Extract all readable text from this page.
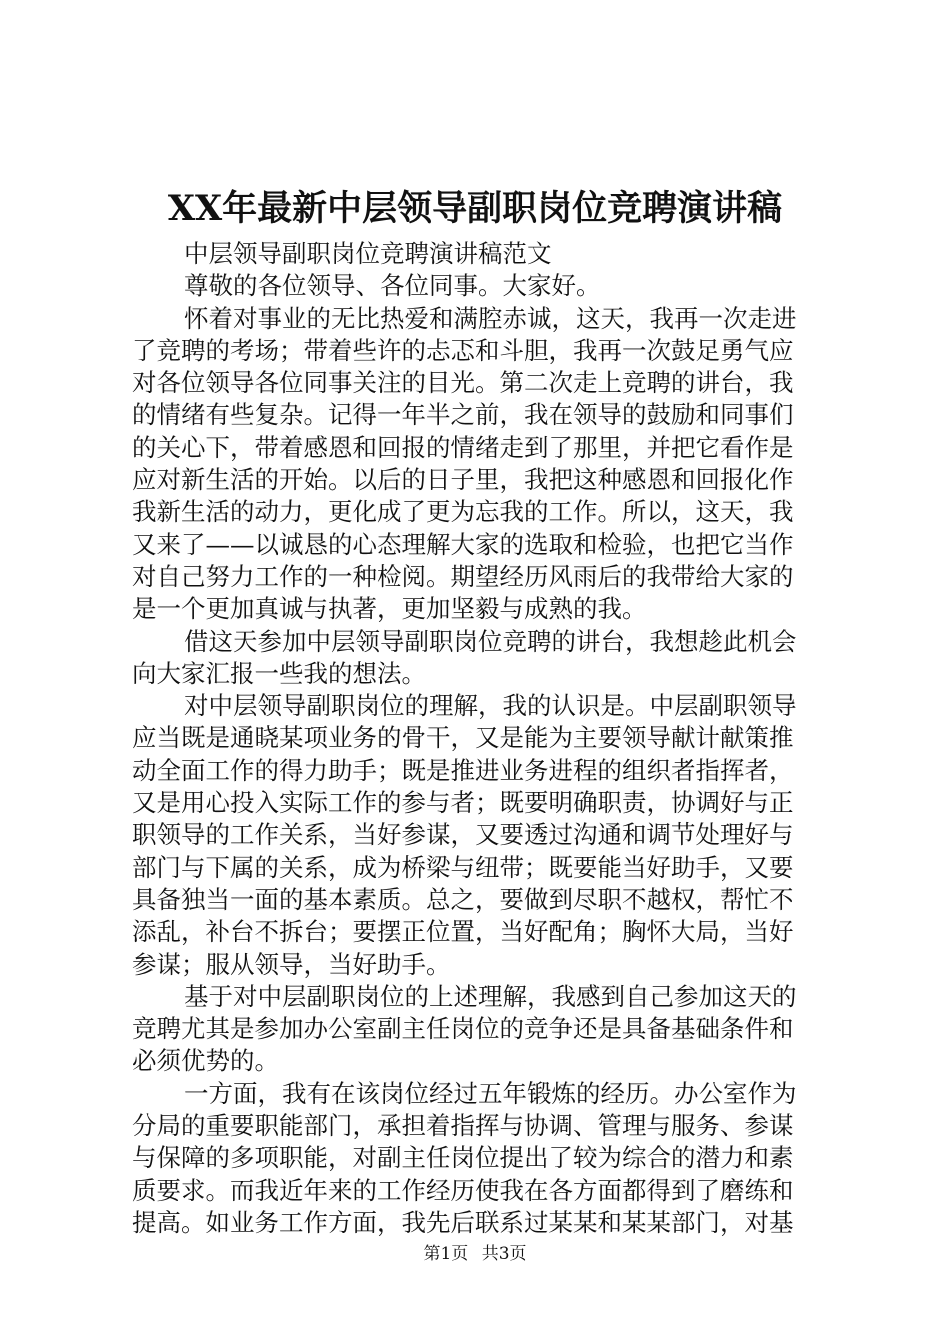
XX年最新中层领导副职岗位竞聘演讲稿
中层领导副职岗位竞聘演讲稿范文
尊敬的各位领导、各位同事。大家好。
怀着对事业的无比热爱和满腔赤诚，这天，我再一次走进
了竞聘的考场；带着些许的忐忑和斗胆，我再一次鼓足勇气应
对各位领导各位同事关注的目光。第二次走上竞聘的讲台，我
的情绪有些复杂。记得一年半之前，我在领导的鼓励和同事们
的关心下，带着感恩和回报的情绪走到了那里，并把它看作是
应对新生活的开始。以后的日子里，我把这种感恩和回报化作
我新生活的动力，更化成了更为忘我的工作。所以，这天，我
又来了——以诚恳的心态理解大家的选取和检验，也把它当作
对自己努力工作的一种检阅。期望经历风雨后的我带给大家的
是一个更加真诚与执著，更加坚毅与成熟的我。
借这天参加中层领导副职岗位竞聘的讲台，我想趁此机会
向大家汇报一些我的想法。
对中层领导副职岗位的理解，我的认识是。中层副职领导
应当既是通晓某项业务的骨干，又是能为主要领导献计献策推
动全面工作的得力助手；既是推进业务进程的组织者指挥者，
又是用心投入实际工作的参与者；既要明确职责，协调好与正
职领导的工作关系，当好参谋，又要透过沟通和调节处理好与
部门与下属的关系，成为桥梁与纽带；既要能当好助手，又要
具备独当一面的基本素质。总之，要做到尽职不越权，帮忙不
添乱，补台不拆台；要摆正位置，当好配角；胸怀大局，当好
参谋；服从领导，当好助手。
基于对中层副职岗位的上述理解，我感到自己参加这天的
竞聘尤其是参加办公室副主任岗位的竞争还是具备基础条件和
必须优势的。
一方面，我有在该岗位经过五年锻炼的经历。办公室作为
分局的重要职能部门，承担着指挥与协调、管理与服务、参谋
与保障的多项职能，对副主任岗位提出了较为综合的潜力和素
质要求。而我近年来的工作经历使我在各方面都得到了磨练和
提高。如业务工作方面，我先后联系过某某和某某部门，对基
第1页 共3页
